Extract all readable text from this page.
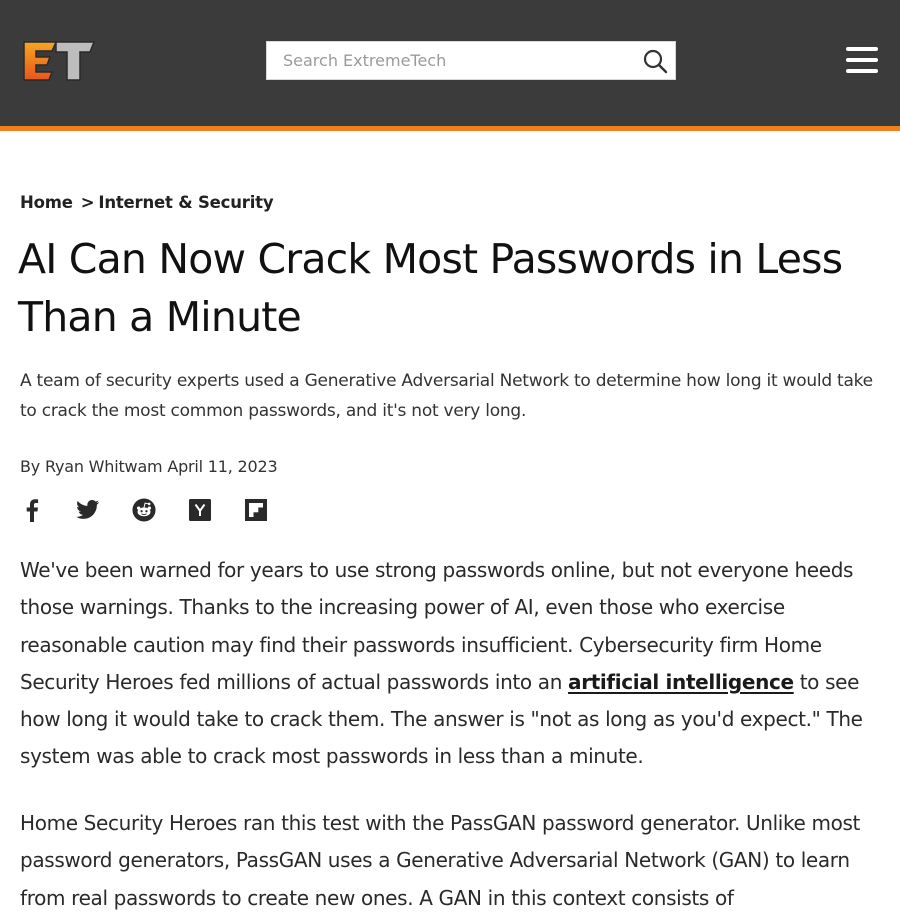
Search ExtremeTech
Home > Internet & Security
AI Can Now Crack Most Passwords in Less Than a Minute

A team of security experts used a Generative Adversarial Network to determine how long it would take to crack the most common passwords, and it's not very long.

By Ryan Whitwam April 11, 2023

We've been warned for years to use strong passwords online, but not everyone heeds those warnings. Thanks to the increasing power of AI, even those who exercise reasonable caution may find their passwords insufficient. Cybersecurity firm Home Security Heroes fed millions of actual passwords into an artificial intelligence to see how long it would take to crack them. The answer is "not as long as you'd expect." The system was able to crack most passwords in less than a minute.

Home Security Heroes ran this test with the PassGAN password generator. Unlike most password generators, PassGAN uses a Generative Adversarial Network (GAN) to learn from real passwords to create new ones. A GAN in this context consists of
